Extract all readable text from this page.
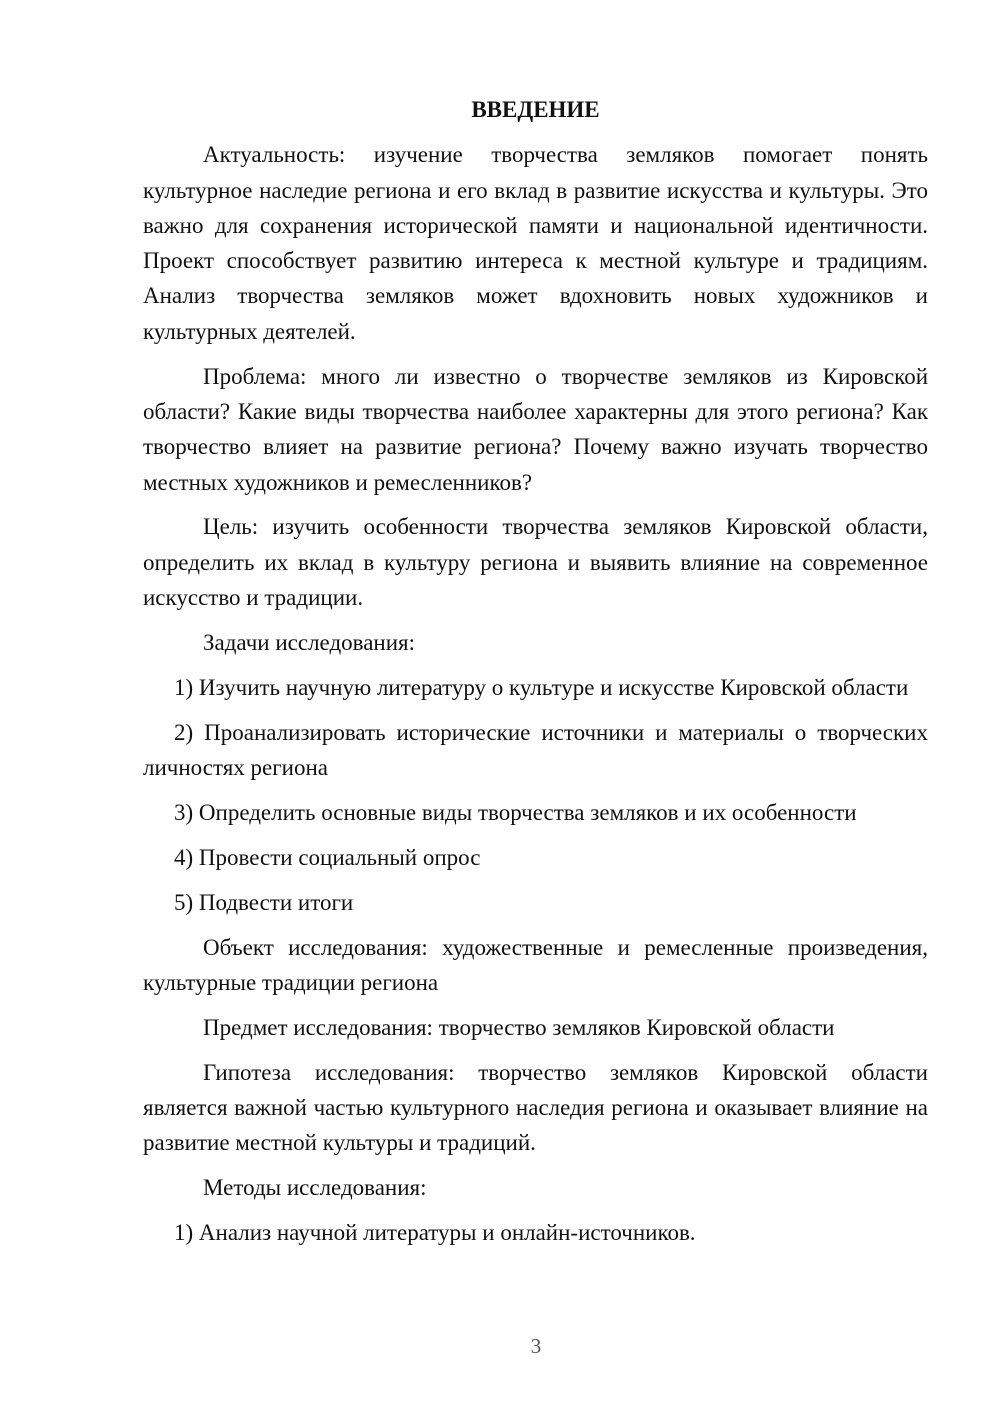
ВВЕДЕНИЕ

Актуальность: изучение творчества земляков помогает понять культурное наследие региона и его вклад в развитие искусства и культуры. Это важно для сохранения исторической памяти и национальной идентичности. Проект способствует развитию интереса к местной культуре и традициям. Анализ творчества земляков может вдохновить новых художников и культурных деятелей.

Проблема: много ли известно о творчестве земляков из Кировской области? Какие виды творчества наиболее характерны для этого региона? Как творчество влияет на развитие региона? Почему важно изучать творчество местных художников и ремесленников?

Цель: изучить особенности творчества земляков Кировской области, определить их вклад в культуру региона и выявить влияние на современное искусство и традиции.

Задачи исследования:

1) Изучить научную литературу о культуре и искусстве Кировской области

2) Проанализировать исторические источники и материалы о творческих личностях региона

3) Определить основные виды творчества земляков и их особенности

4) Провести социальный опрос

5) Подвести итоги

Объект исследования: художественные и ремесленные произведения, культурные традиции региона

Предмет исследования: творчество земляков Кировской области

Гипотеза исследования: творчество земляков Кировской области является важной частью культурного наследия региона и оказывает влияние на развитие местной культуры и традиций.

Методы исследования:

1) Анализ научной литературы и онлайн-источников.

3
